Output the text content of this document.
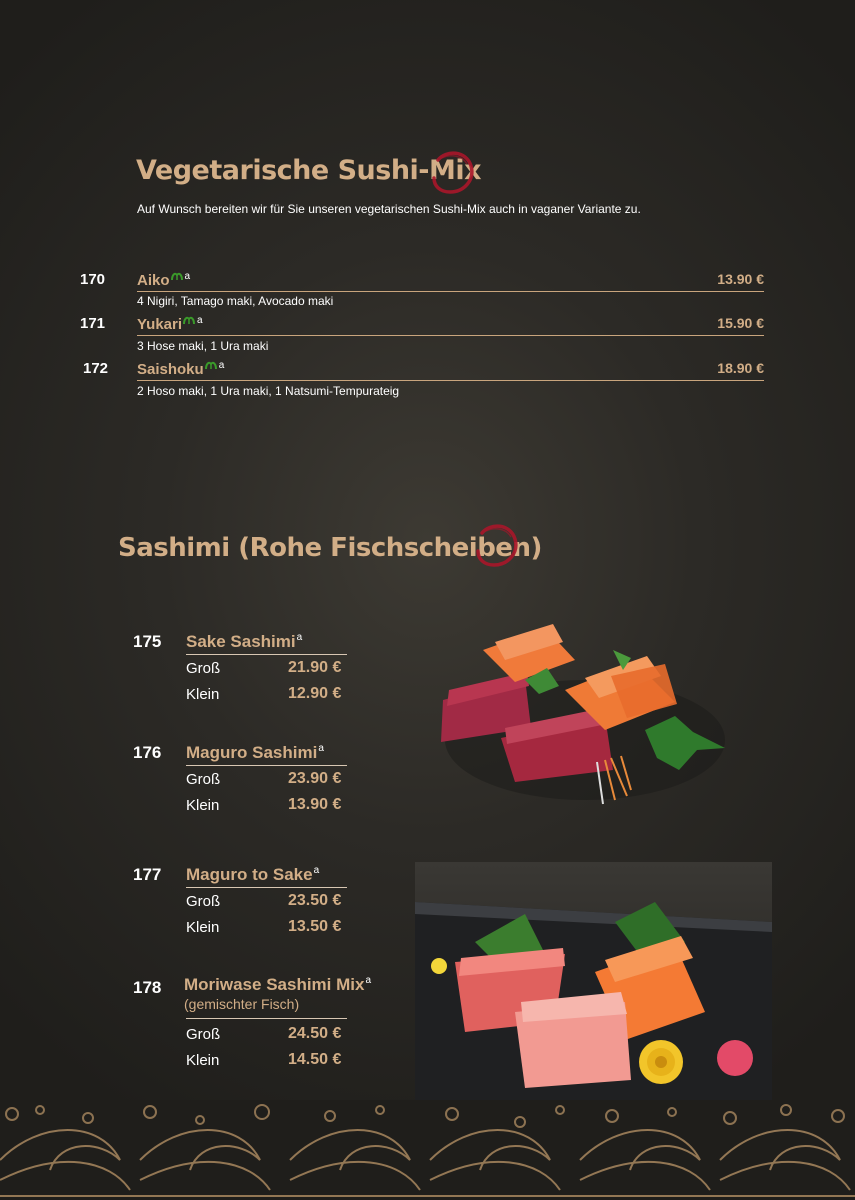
Vegetarische Sushi-Mix
Auf Wunsch bereiten wir für Sie unseren vegetarischen Sushi-Mix auch in vaganer Variante zu.
170 Aiko $^a$	13.90 €
4 Nigiri, Tamago maki, Avocado maki
171 Yukari $^a$	15.90 €
3 Hose maki, 1 Ura maki
172 Saishoku $^a$	18.90 €
2 Hoso maki, 1 Ura maki, 1 Natsumi-Tempurateig
Sashimi (Rohe Fischscheiben)
175 Sake Sashimi$^a$
Groß	21.90 €
Klein	12.90 €
176 Maguro Sashimi$^a$
Groß	23.90 €
Klein	13.90 €
177 Maguro to Sake$^a$
Groß	23.50 €
Klein	13.50 €
178 Moriwase Sashimi Mix$^a$
(gemischter Fisch)
Groß	24.50 €
Klein	14.50 €
